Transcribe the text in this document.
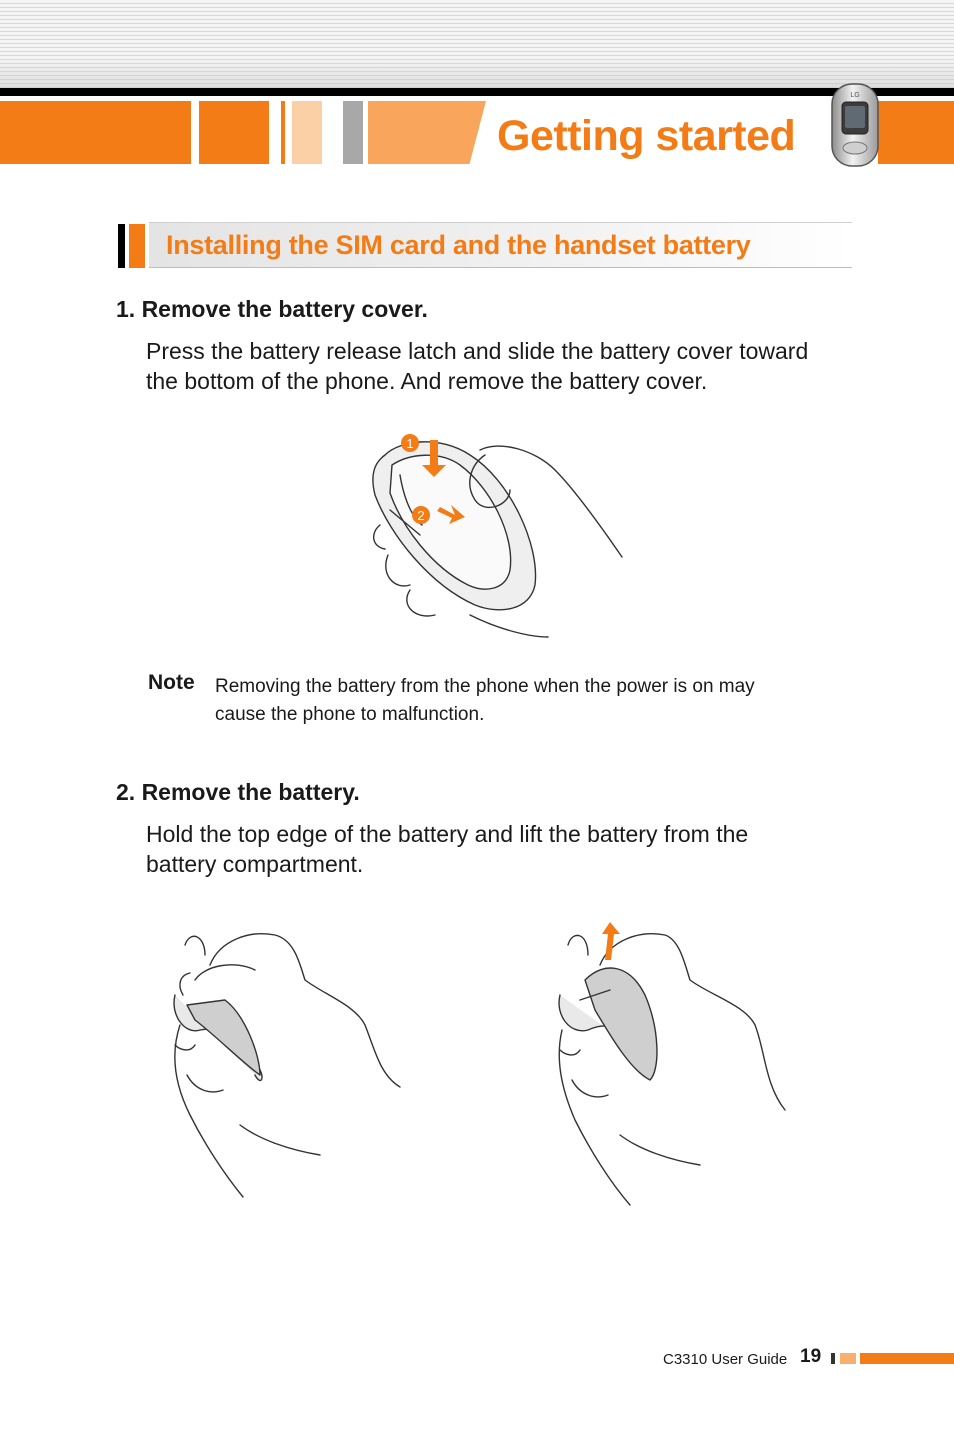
Getting started
LG
Installing the SIM card and the handset battery
1. Remove the battery cover.

Press the battery release latch and slide the battery cover toward
the bottom of the phone. And remove the battery cover.

1
2
Note Removing the battery from the phone when the power is on may
cause the phone to malfunction.

2. Remove the battery.

Hold the top edge of the battery and lift the battery from the
battery compartment.

C3310 User Guide 19
